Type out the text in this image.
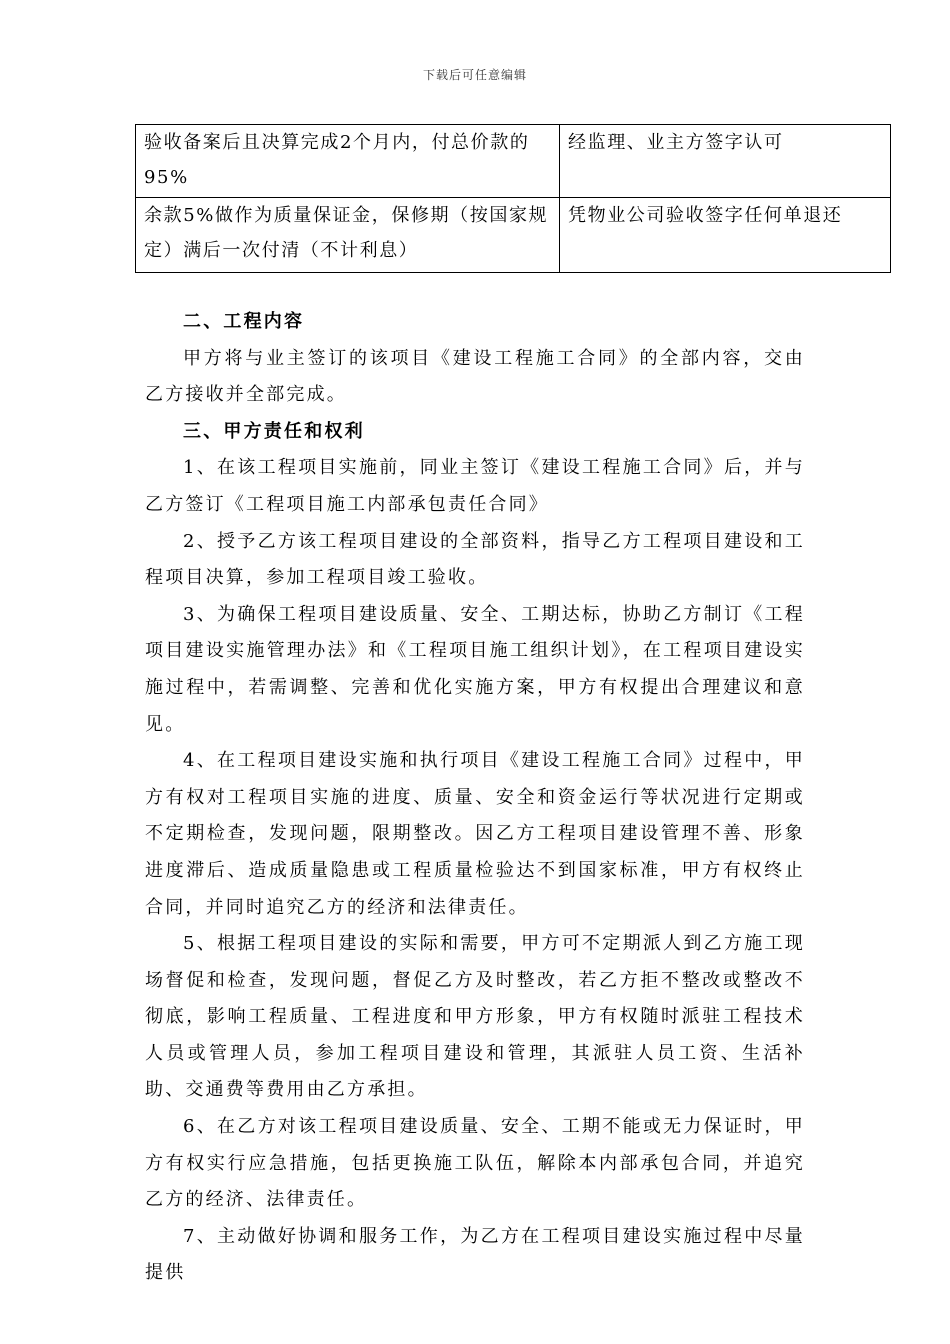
下载后可任意编辑
验收备案后且决算完成2个月内，付总价款的95%	经监理、业主方签字认可
余款5%做作为质量保证金，保修期（按国家规定）满后一次付清（不计利息）	凭物业公司验收签字任何单退还
二、工程内容

甲方将与业主签订的该项目《建设工程施工合同》的全部内容，交由乙方接收并全部完成。

三、甲方责任和权利

1、在该工程项目实施前，同业主签订《建设工程施工合同》后，并与乙方签订《工程项目施工内部承包责任合同》

2、授予乙方该工程项目建设的全部资料，指导乙方工程项目建设和工程项目决算，参加工程项目竣工验收。

3、为确保工程项目建设质量、安全、工期达标，协助乙方制订《工程项目建设实施管理办法》和《工程项目施工组织计划》，在工程项目建设实施过程中，若需调整、完善和优化实施方案，甲方有权提出合理建议和意见。

4、在工程项目建设实施和执行项目《建设工程施工合同》过程中，甲方有权对工程项目实施的进度、质量、安全和资金运行等状况进行定期或不定期检查，发现问题，限期整改。因乙方工程项目建设管理不善、形象进度滞后、造成质量隐患或工程质量检验达不到国家标准，甲方有权终止合同，并同时追究乙方的经济和法律责任。

5、根据工程项目建设的实际和需要，甲方可不定期派人到乙方施工现场督促和检查，发现问题，督促乙方及时整改，若乙方拒不整改或整改不彻底，影响工程质量、工程进度和甲方形象，甲方有权随时派驻工程技术人员或管理人员，参加工程项目建设和管理，其派驻人员工资、生活补助、交通费等费用由乙方承担。

6、在乙方对该工程项目建设质量、安全、工期不能或无力保证时，甲方有权实行应急措施，包括更换施工队伍，解除本内部承包合同，并追究乙方的经济、法律责任。

7、主动做好协调和服务工作，为乙方在工程项目建设实施过程中尽量提供
